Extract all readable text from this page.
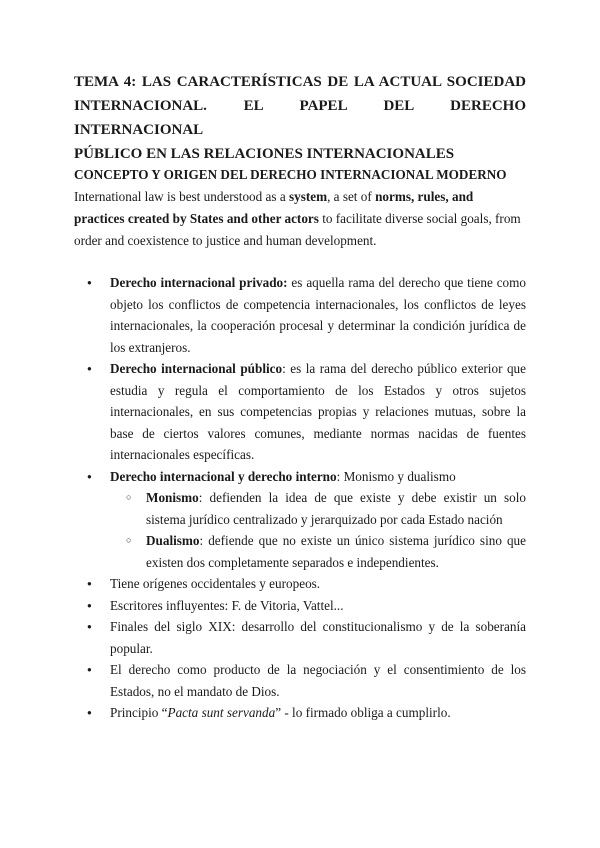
TEMA 4: LAS CARACTERÍSTICAS DE LA ACTUAL SOCIEDAD
INTERNACIONAL. EL PAPEL DEL DERECHO INTERNACIONAL
PÚBLICO EN LAS RELACIONES INTERNACIONALES
CONCEPTO Y ORIGEN DEL DERECHO INTERNACIONAL MODERNO

International law is best understood as a system, a set of norms, rules, and practices created by States and other actors to facilitate diverse social goals, from order and coexistence to justice and human development.

● Derecho internacional privado: es aquella rama del derecho que tiene como objeto los conflictos de competencia internacionales, los conflictos de leyes internacionales, la cooperación procesal y determinar la condición jurídica de los extranjeros.
● Derecho internacional público: es la rama del derecho público exterior que estudia y regula el comportamiento de los Estados y otros sujetos internacionales, en sus competencias propias y relaciones mutuas, sobre la base de ciertos valores comunes, mediante normas nacidas de fuentes internacionales específicas.
● Derecho internacional y derecho interno: Monismo y dualismo
○ Monismo: defienden la idea de que existe y debe existir un solo sistema jurídico centralizado y jerarquizado por cada Estado nación
○ Dualismo: defiende que no existe un único sistema jurídico sino que existen dos completamente separados e independientes.
● Tiene orígenes occidentales y europeos.
● Escritores influyentes: F. de Vitoria, Vattel...
● Finales del siglo XIX: desarrollo del constitucionalismo y de la soberanía popular.
● El derecho como producto de la negociación y el consentimiento de los Estados, no el mandato de Dios.
● Principio “Pacta sunt servanda” - lo firmado obliga a cumplirlo.
